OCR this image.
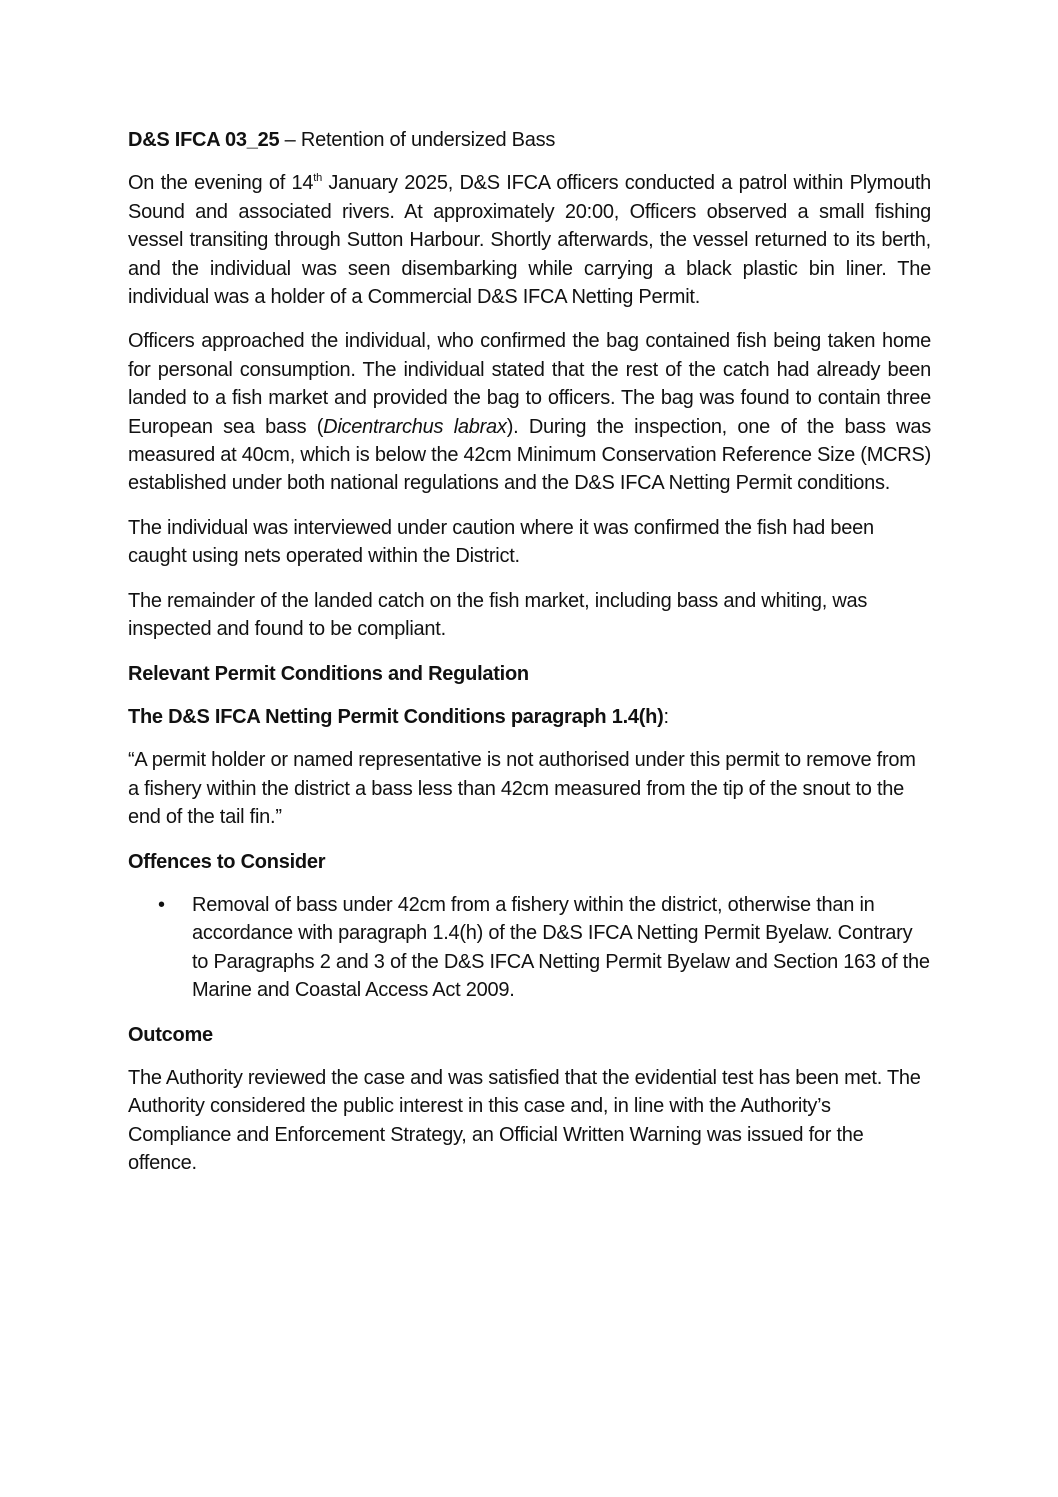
D&S IFCA 03_25 – Retention of undersized Bass

On the evening of 14th January 2025, D&S IFCA officers conducted a patrol within Plymouth Sound and associated rivers. At approximately 20:00, Officers observed a small fishing vessel transiting through Sutton Harbour. Shortly afterwards, the vessel returned to its berth, and the individual was seen disembarking while carrying a black plastic bin liner. The individual was a holder of a Commercial D&S IFCA Netting Permit.

Officers approached the individual, who confirmed the bag contained fish being taken home for personal consumption. The individual stated that the rest of the catch had already been landed to a fish market and provided the bag to officers. The bag was found to contain three European sea bass (Dicentrarchus labrax). During the inspection, one of the bass was measured at 40cm, which is below the 42cm Minimum Conservation Reference Size (MCRS) established under both national regulations and the D&S IFCA Netting Permit conditions.

The individual was interviewed under caution where it was confirmed the fish had been caught using nets operated within the District.

The remainder of the landed catch on the fish market, including bass and whiting, was inspected and found to be compliant.

Relevant Permit Conditions and Regulation

The D&S IFCA Netting Permit Conditions paragraph 1.4(h):

“A permit holder or named representative is not authorised under this permit to remove from a fishery within the district a bass less than 42cm measured from the tip of the snout to the end of the tail fin.”

Offences to Consider

• Removal of bass under 42cm from a fishery within the district, otherwise than in accordance with paragraph 1.4(h) of the D&S IFCA Netting Permit Byelaw. Contrary to Paragraphs 2 and 3 of the D&S IFCA Netting Permit Byelaw and Section 163 of the Marine and Coastal Access Act 2009.

Outcome

The Authority reviewed the case and was satisfied that the evidential test has been met. The Authority considered the public interest in this case and, in line with the Authority’s Compliance and Enforcement Strategy, an Official Written Warning was issued for the offence.
